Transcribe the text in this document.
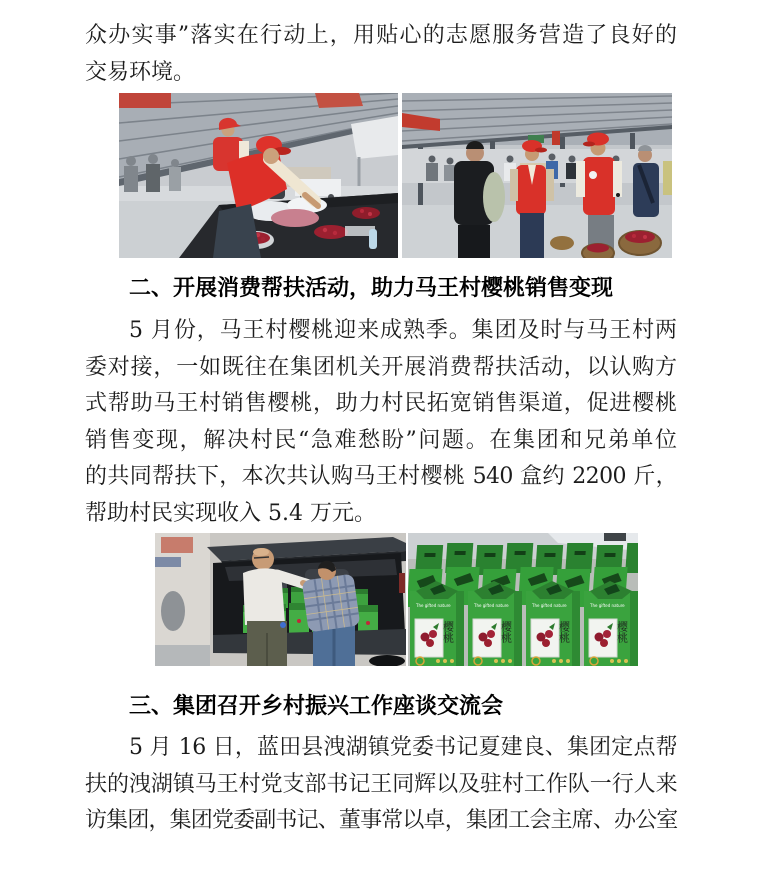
众办实事”落实在行动上，用贴心的志愿服务营造了良好的
交易环境。
二、开展消费帮扶活动，助力马王村樱桃销售变现
5 月份，马王村樱桃迎来成熟季。集团及时与马王村两
委对接，一如既往在集团机关开展消费帮扶活动，以认购方
式帮助马王村销售樱桃，助力村民拓宽销售渠道，促进樱桃
销售变现，解决村民“急难愁盼”问题。在集团和兄弟单位
的共同帮扶下，本次共认购马王村樱桃 540 盒约 2200 斤，
帮助村民实现收入 5.4 万元。
The gifted nature
樱桃
The gifted nature
樱桃
The gifted nature
樱桃
The gifted nature
樱桃
三、集团召开乡村振兴工作座谈交流会
5 月 16 日，蓝田县洩湖镇党委书记夏建良、集团定点帮
扶的洩湖镇马王村党支部书记王同辉以及驻村工作队一行人来
访集团，集团党委副书记、董事常以卓，集团工会主席、办公室
